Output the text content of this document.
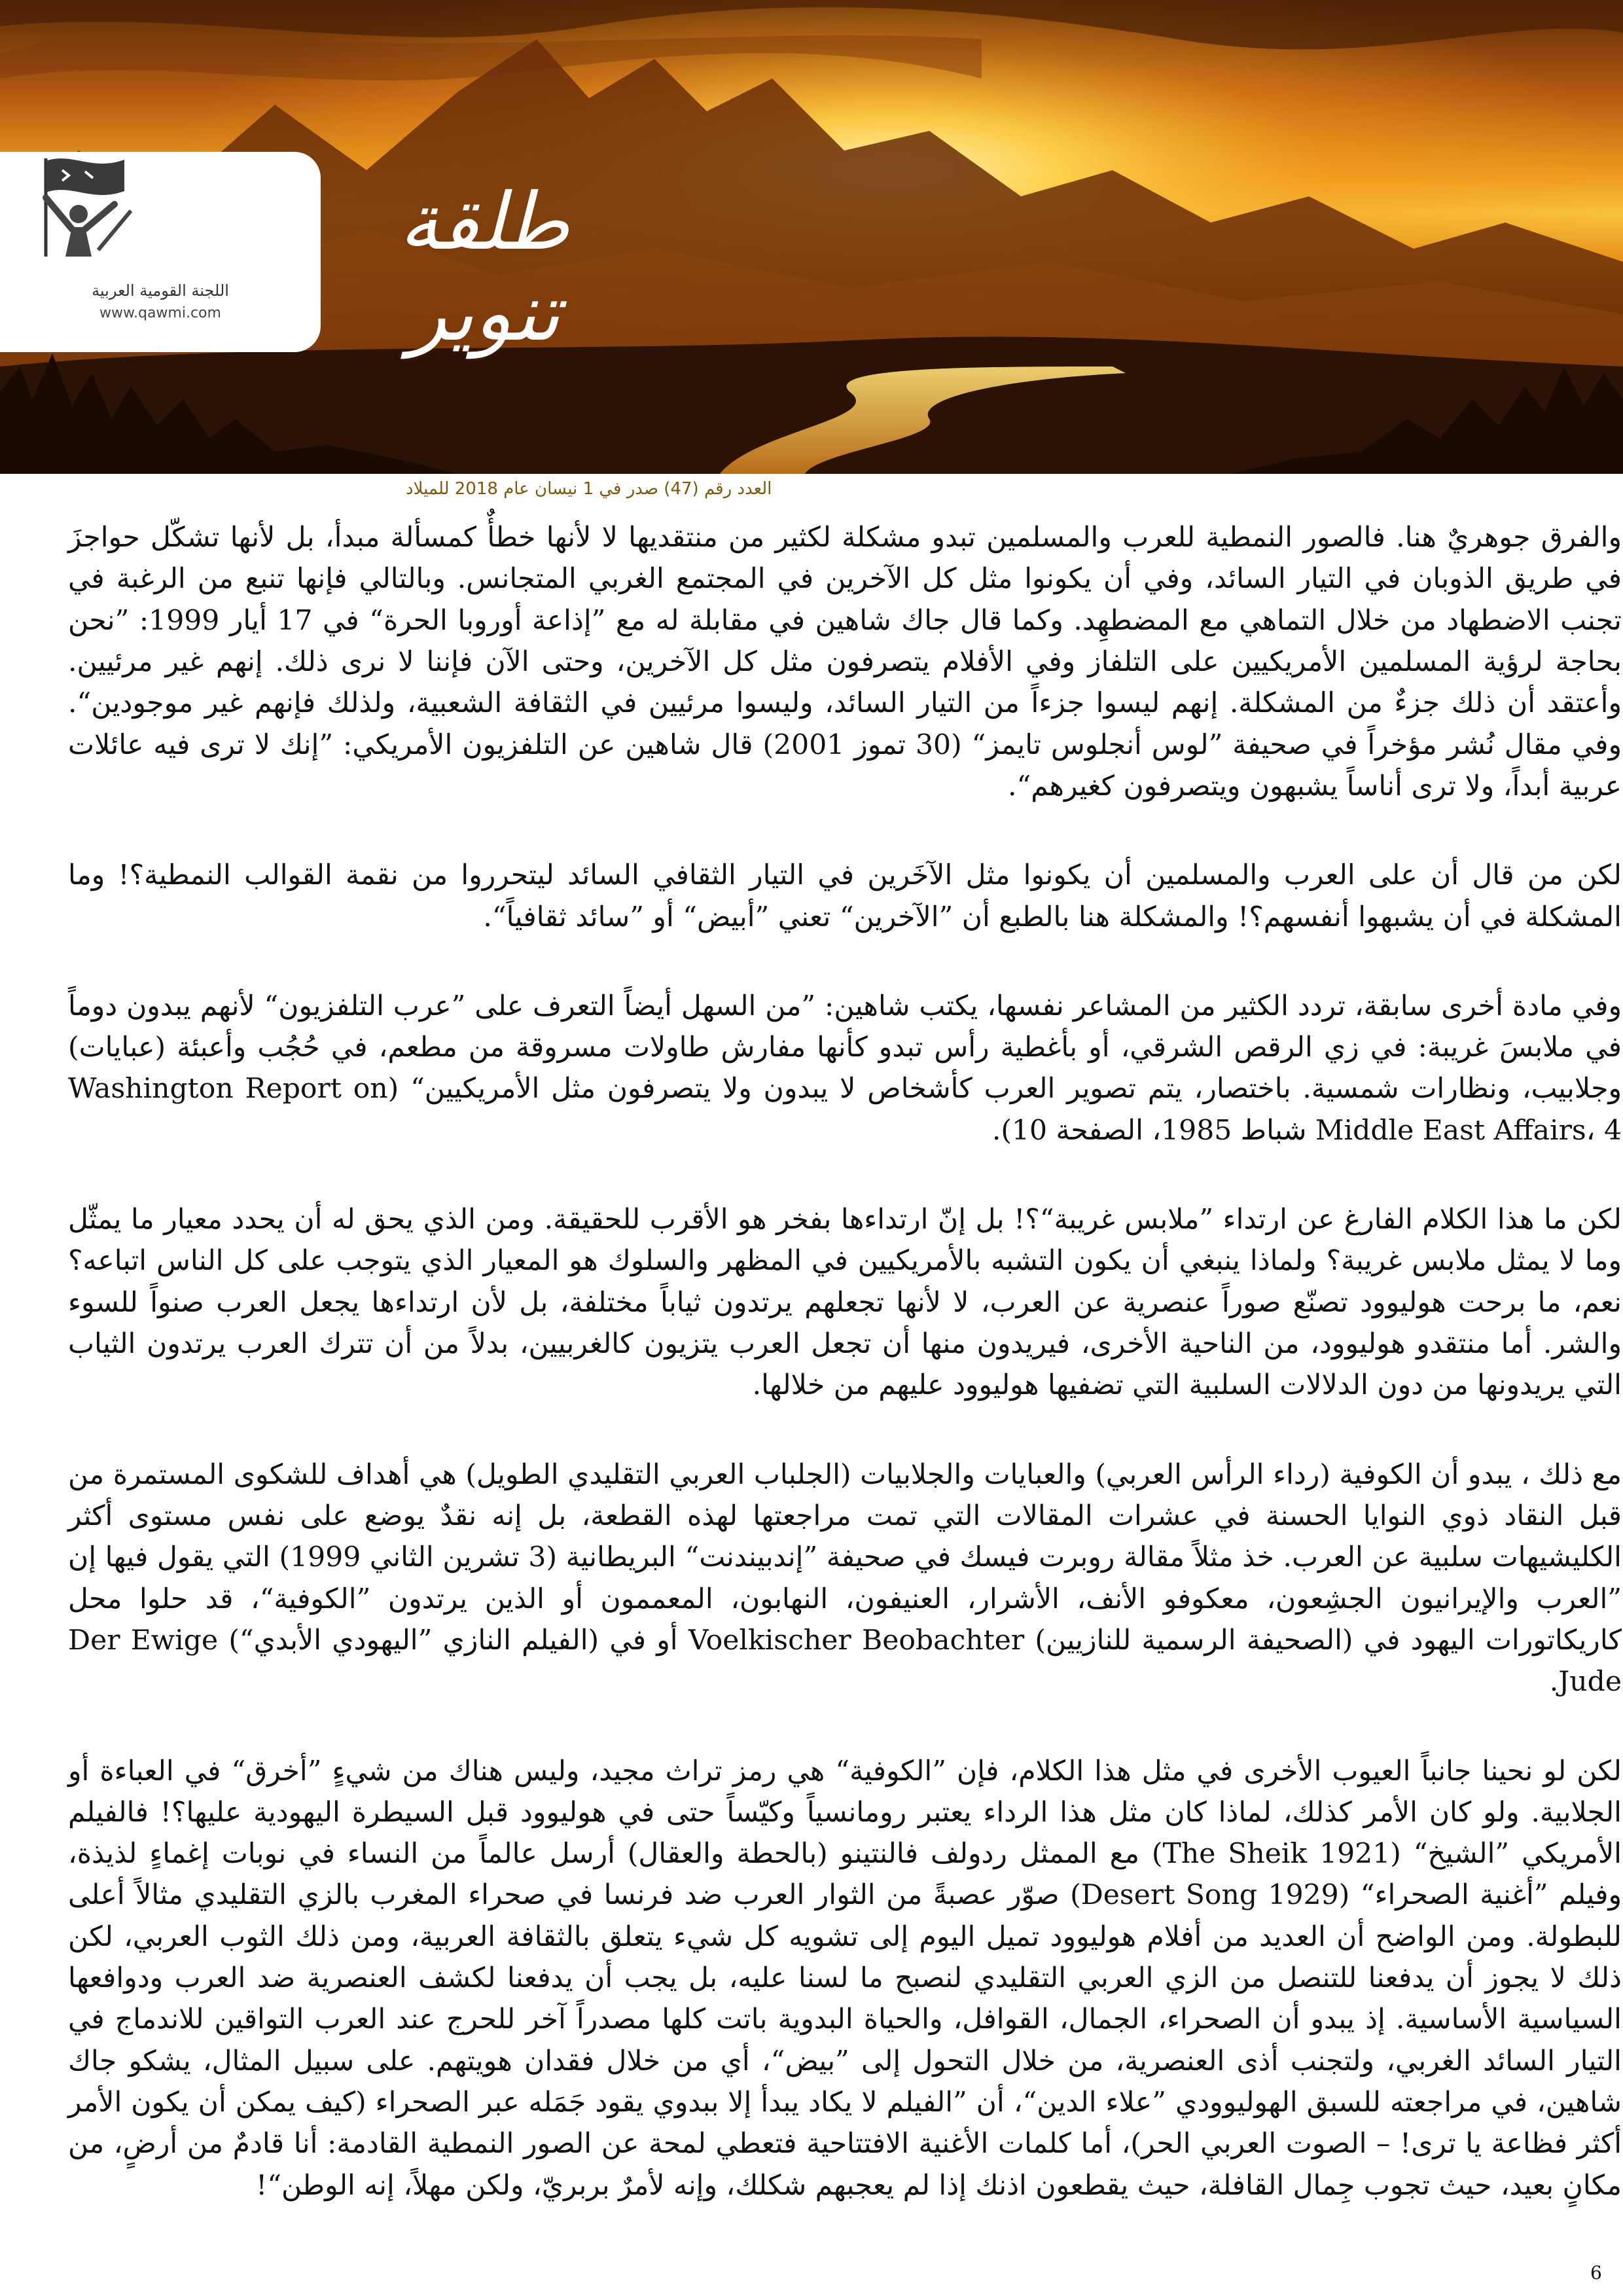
اللجنة القومية العربية
www.qawmi.com
طلقة تنوير
العدد رقم (47) صدر في 1 نيسان عام 2018 للميلاد

والفرق جوهريٌ هنا. فالصور النمطية للعرب والمسلمين تبدو مشكلة لكثير من منتقديها لا لأنها خطأٌ كمسألة مبدأ، بل لأنها تشكّل حواجزَ في طريق الذوبان في التيار السائد، وفي أن يكونوا مثل كل الآخرين في المجتمع الغربي المتجانس. وبالتالي فإنها تنبع من الرغبة في تجنب الاضطهاد من خلال التماهي مع المضطهِد. وكما قال جاك شاهين في مقابلة له مع ”إذاعة أوروبا الحرة“ في 17 أيار 1999: ”نحن بحاجة لرؤية المسلمين الأمريكيين على التلفاز وفي الأفلام يتصرفون مثل كل الآخرين، وحتى الآن فإننا لا نرى ذلك. إنهم غير مرئيين. وأعتقد أن ذلك جزءٌ من المشكلة. إنهم ليسوا جزءاً من التيار السائد، وليسوا مرئيين في الثقافة الشعبية، ولذلك فإنهم غير موجودين“. وفي مقال نُشر مؤخراً في صحيفة ”لوس أنجلوس تايمز“ (30 تموز 2001) قال شاهين عن التلفزيون الأمريكي: ”إنك لا ترى فيه عائلات عربية أبداً، ولا ترى أناساً يشبهون ويتصرفون كغيرهم“.

لكن من قال أن على العرب والمسلمين أن يكونوا مثل الآخَرين في التيار الثقافي السائد ليتحرروا من نقمة القوالب النمطية؟! وما المشكلة في أن يشبهوا أنفسهم؟! والمشكلة هنا بالطبع أن ”الآخرين“ تعني ”أبيض“ أو ”سائد ثقافياً“.

وفي مادة أخرى سابقة، تردد الكثير من المشاعر نفسها، يكتب شاهين: ”من السهل أيضاً التعرف على ”عرب التلفزيون“ لأنهم يبدون دوماً في ملابسَ غريبة: في زي الرقص الشرقي، أو بأغطية رأس تبدو كأنها مفارش طاولات مسروقة من مطعم، في حُجُب وأعبئة (عبايات) وجلابيب، ونظارات شمسية. باختصار، يتم تصوير العرب كأشخاص لا يبدون ولا يتصرفون مثل الأمريكيين“ (Washington Report on Middle East Affairs، 4 شباط 1985، الصفحة 10).

لكن ما هذا الكلام الفارغ عن ارتداء ”ملابس غريبة“؟! بل إنّ ارتداءها بفخر هو الأقرب للحقيقة. ومن الذي يحق له أن يحدد معيار ما يمثّل وما لا يمثل ملابس غريبة؟ ولماذا ينبغي أن يكون التشبه بالأمريكيين في المظهر والسلوك هو المعيار الذي يتوجب على كل الناس اتباعه؟ نعم، ما برحت هوليوود تصنّع صوراً عنصرية عن العرب، لا لأنها تجعلهم يرتدون ثياباً مختلفة، بل لأن ارتداءها يجعل العرب صنواً للسوء والشر. أما منتقدو هوليوود، من الناحية الأخرى، فيريدون منها أن تجعل العرب يتزيون كالغربيين، بدلاً من أن تترك العرب يرتدون الثياب التي يريدونها من دون الدلالات السلبية التي تضفيها هوليوود عليهم من خلالها.

مع ذلك ، يبدو أن الكوفية (رداء الرأس العربي) والعبايات والجلابيات (الجلباب العربي التقليدي الطويل) هي أهداف للشكوى المستمرة من قبل النقاد ذوي النوايا الحسنة في عشرات المقالات التي تمت مراجعتها لهذه القطعة، بل إنه نقدٌ يوضع على نفس مستوى أكثر الكليشيهات سلبية عن العرب. خذ مثلاً مقالة روبرت فيسك في صحيفة ”إندبيندنت“ البريطانية (3 تشرين الثاني 1999) التي يقول فيها إن ”العرب والإيرانيون الجشِعون، معكوفو الأنف، الأشرار، العنيفون، النهابون، المعممون أو الذين يرتدون ”الكوفية“، قد حلوا محل كاريكاتورات اليهود في (الصحيفة الرسمية للنازيين) Voelkischer Beobachter أو في (الفيلم النازي ”اليهودي الأبدي“) Der Ewige Jude.

لكن لو نحينا جانباً العيوب الأخرى في مثل هذا الكلام، فإن ”الكوفية“ هي رمز تراث مجيد، وليس هناك من شيءٍ ”أخرق“ في العباءة أو الجلابية. ولو كان الأمر كذلك، لماذا كان مثل هذا الرداء يعتبر رومانسياً وكيّساً حتى في هوليوود قبل السيطرة اليهودية عليها؟! فالفيلم الأمريكي ”الشيخ“ (The Sheik 1921) مع الممثل ردولف فالنتينو (بالحطة والعقال) أرسل عالماً من النساء في نوبات إغماءٍ لذيذة، وفيلم ”أغنية الصحراء“ (Desert Song 1929) صوّر عصبةً من الثوار العرب ضد فرنسا في صحراء المغرب بالزي التقليدي مثالاً أعلى للبطولة. ومن الواضح أن العديد من أفلام هوليوود تميل اليوم إلى تشويه كل شيء يتعلق بالثقافة العربية، ومن ذلك الثوب العربي، لكن ذلك لا يجوز أن يدفعنا للتنصل من الزي العربي التقليدي لنصبح ما لسنا عليه، بل يجب أن يدفعنا لكشف العنصرية ضد العرب ودوافعها السياسية الأساسية. إذ يبدو أن الصحراء، الجمال، القوافل، والحياة البدوية باتت كلها مصدراً آخر للحرج عند العرب التواقين للاندماج في التيار السائد الغربي، ولتجنب أذى العنصرية، من خلال التحول إلى ”بيض“، أي من خلال فقدان هويتهم. على سبيل المثال، يشكو جاك شاهين، في مراجعته للسبق الهوليوودي ”علاء الدين“، أن ”الفيلم لا يكاد يبدأ إلا ببدوي يقود جَمَله عبر الصحراء (كيف يمكن أن يكون الأمر أكثر فظاعة يا ترى! – الصوت العربي الحر)، أما كلمات الأغنية الافتتاحية فتعطي لمحة عن الصور النمطية القادمة: أنا قادمٌ من أرضٍ، من مكانٍ بعيد، حيث تجوب جِمال القافلة، حيث يقطعون اذنك إذا لم يعجبهم شكلك، وإنه لأمرٌ بربريّ، ولكن مهلاً، إنه الوطن“!

6
